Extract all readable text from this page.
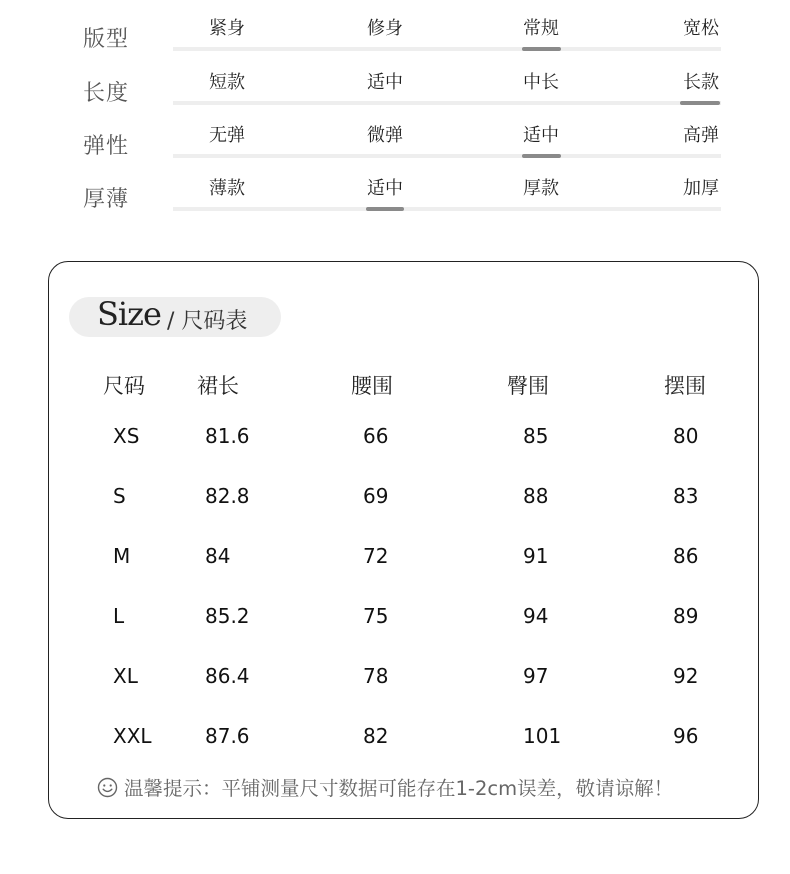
版型	紧身	修身	常规	宽松
长度	短款	适中	中长	长款
弹性	无弹	微弹	适中	高弹
厚薄	薄款	适中	厚款	加厚
Size / 尺码表
尺码 裙长	腰围	臀围	摆围
XS	81.6	66	85	80
S	82.8	69	88	83
M	84	72	91	86
L	85.2	75	94	89
XL	86.4	78	97	92
XXL	87.6	82	101	96
温馨提示：平铺测量尺寸数据可能存在1-2cm误差，敬请谅解！
